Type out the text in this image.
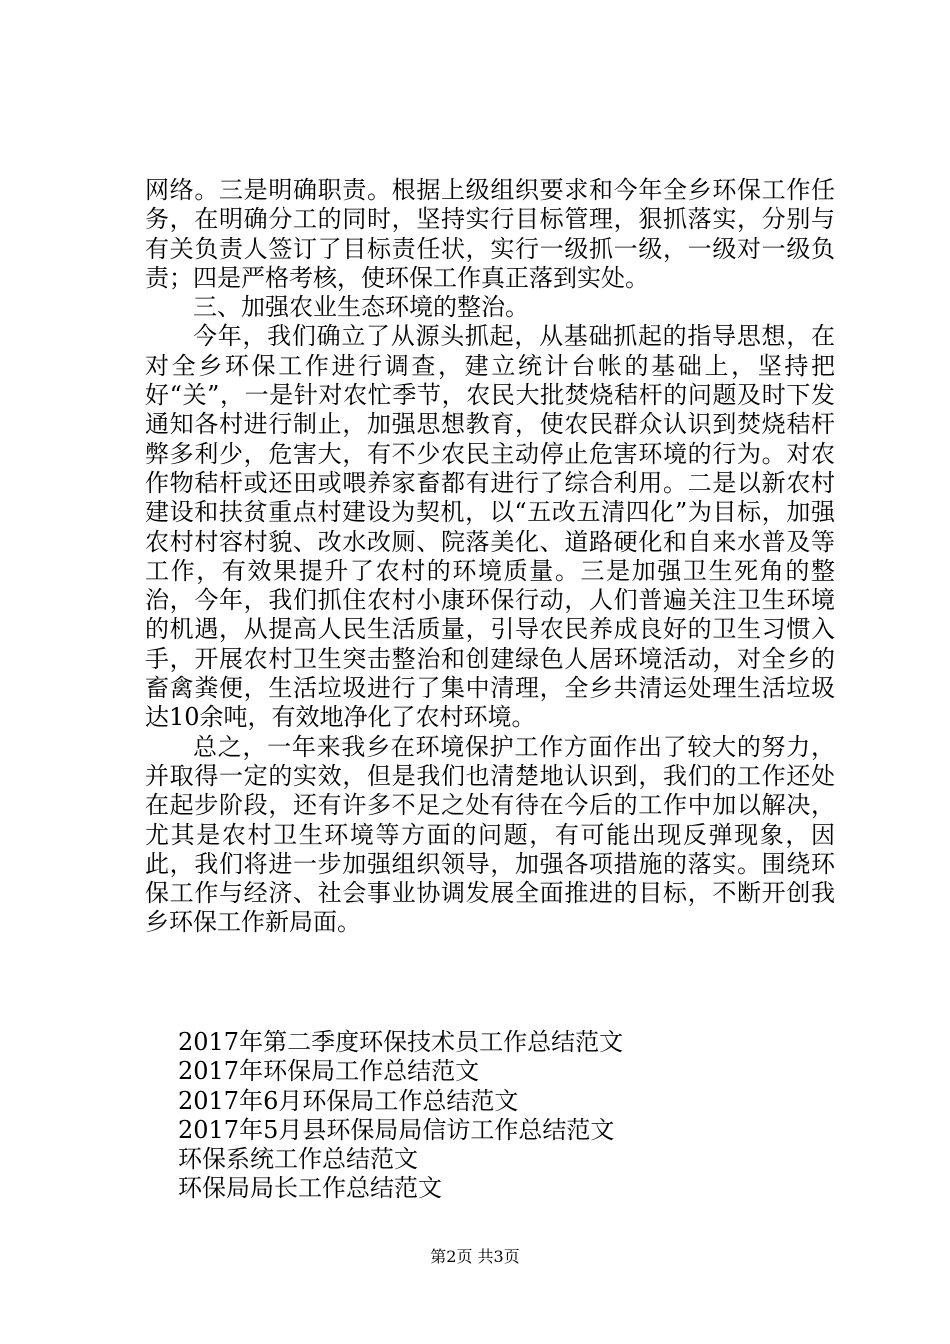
网络。三是明确职责。根据上级组织要求和今年全乡环保工作任务，在明确分工的同时，坚持实行目标管理，狠抓落实，分别与有关负责人签订了目标责任状，实行一级抓一级，一级对一级负责；四是严格考核，使环保工作真正落到实处。

三、加强农业生态环境的整治。

今年，我们确立了从源头抓起，从基础抓起的指导思想，在对全乡环保工作进行调查，建立统计台帐的基础上，坚持把好“关”，一是针对农忙季节，农民大批焚烧秸杆的问题及时下发通知各村进行制止，加强思想教育，使农民群众认识到焚烧秸杆弊多利少，危害大，有不少农民主动停止危害环境的行为。对农作物秸杆或还田或喂养家畜都有进行了综合利用。二是以新农村建设和扶贫重点村建设为契机，以“五改五清四化”为目标，加强农村村容村貌、改水改厕、院落美化、道路硬化和自来水普及等工作，有效果提升了农村的环境质量。三是加强卫生死角的整治，今年，我们抓住农村小康环保行动，人们普遍关注卫生环境的机遇，从提高人民生活质量，引导农民养成良好的卫生习惯入手，开展农村卫生突击整治和创建绿色人居环境活动，对全乡的畜禽粪便，生活垃圾进行了集中清理，全乡共清运处理生活垃圾达10余吨，有效地净化了农村环境。

总之，一年来我乡在环境保护工作方面作出了较大的努力，并取得一定的实效，但是我们也清楚地认识到，我们的工作还处在起步阶段，还有许多不足之处有待在今后的工作中加以解决，尤其是农村卫生环境等方面的问题，有可能出现反弹现象，因此，我们将进一步加强组织领导，加强各项措施的落实。围绕环保工作与经济、社会事业协调发展全面推进的目标，不断开创我乡环保工作新局面。

2017年第二季度环保技术员工作总结范文
2017年环保局工作总结范文
2017年6月环保局工作总结范文
2017年5月县环保局局信访工作总结范文
环保系统工作总结范文
环保局局长工作总结范文
第2页 共3页
